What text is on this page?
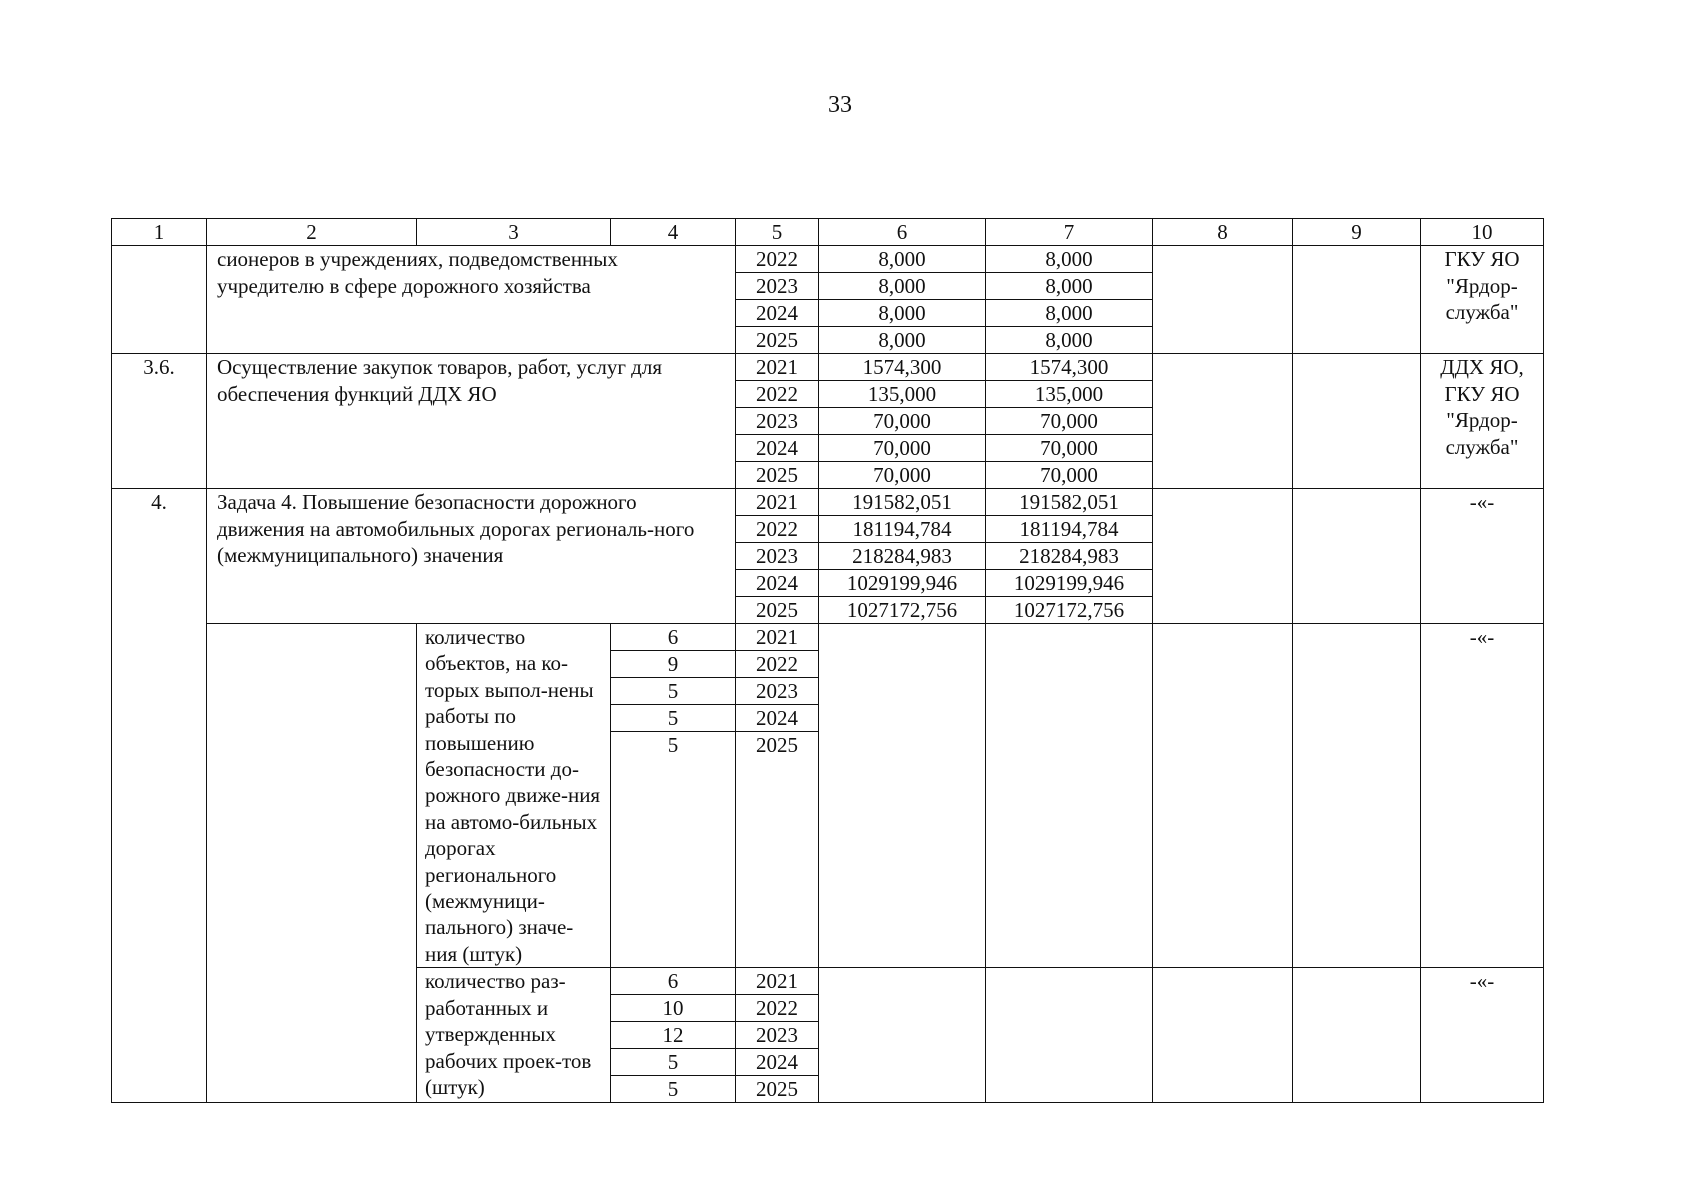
33
1	2	3	4	5	6	7	8	9	10
	сионеров в учреждениях, подведомственных учредителю в сфере дорожного хозяйства			2022	8,000	8,000			ГКУ ЯО "Ярдор-служба"
				2023	8,000	8,000			
				2024	8,000	8,000			
				2025	8,000	8,000			
3.6.	Осуществление закупок товаров, работ, услуг для обеспечения функций ДДХ ЯО			2021	1574,300	1574,300			ДДХ ЯО, ГКУ ЯО "Ярдор-служба"
				2022	135,000	135,000			
				2023	70,000	70,000			
				2024	70,000	70,000			
				2025	70,000	70,000			
4.	Задача 4. Повышение безопасности дорожного движения на автомобильных дорогах региональ-ного (межмуниципального) значения			2021	191582,051	191582,051			-«-
				2022	181194,784	181194,784			
				2023	218284,983	218284,983			
				2024	1029199,946	1029199,946			
				2025	1027172,756	1027172,756			
		количество объектов, на ко-торых выпол-нены работы по повышению безопасности до-рожного движе-ния на автомо-бильных дорогах регионального (межмуници-пального) значе-ния (штук)	6	2021					-«-
			9	2022					
			5	2023					
			5	2024					
			5	2025					

		количество раз-работанных и утвержденных рабочих проек-тов (штук)	6	2021					-«-
			10	2022					
			12	2023					
			5	2024					
			5	2025					
